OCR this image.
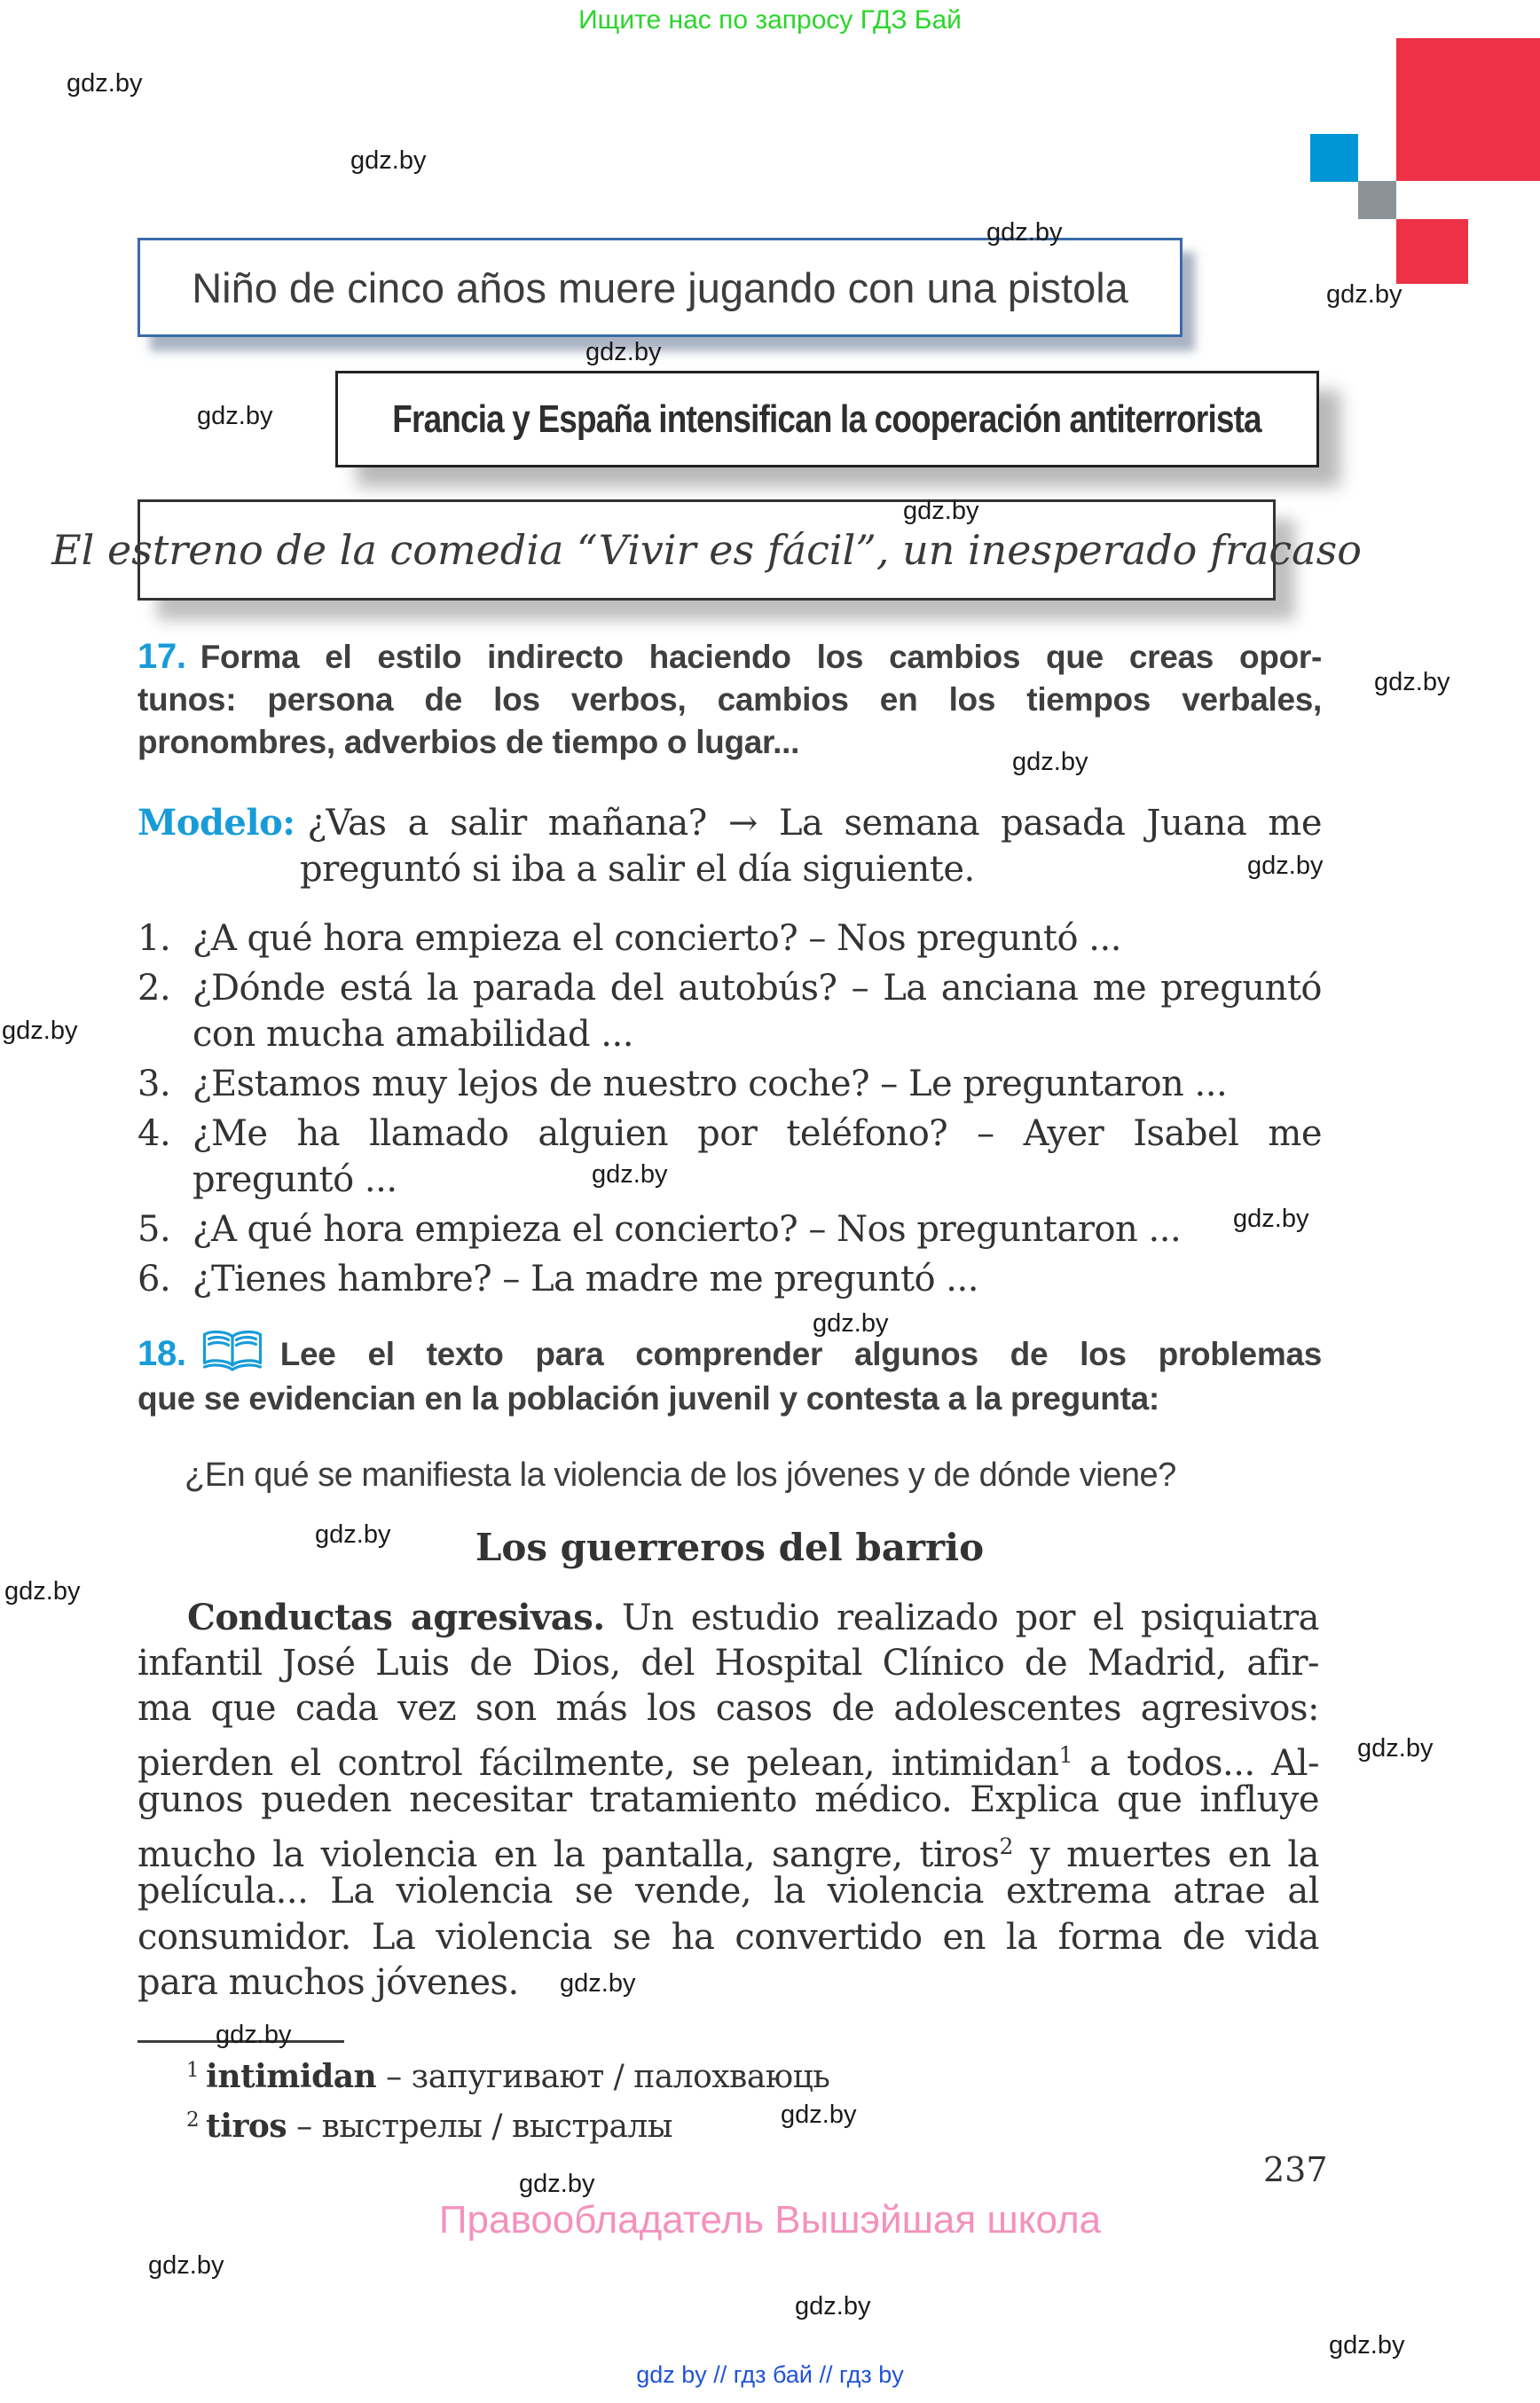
Ищите нас по запросу ГДЗ Бай
Niño de cinco años muere jugando con una pistola
Francia y España intensifican la cooperación antiterrorista
El estreno de la comedia “Vivir es fácil”, un inesperado fracaso
17. Forma el estilo indirecto haciendo los cambios que creas opor-
tunos: persona de los verbos, cambios en los tiempos verbales,
pronombres, adverbios de tiempo o lugar...
Modelo: ¿Vas a salir mañana? → La semana pasada Juana me
preguntó si iba a salir el día siguiente.
1. ¿A qué hora empieza el concierto? – Nos preguntó ...
2. ¿Dónde está la parada del autobús? – La anciana me preguntó
con mucha amabilidad ...
3. ¿Estamos muy lejos de nuestro coche? – Le preguntaron ...
4. ¿Me ha llamado alguien por teléfono? – Ayer Isabel me
preguntó ...
5. ¿A qué hora empieza el concierto? – Nos preguntaron ...
6. ¿Tienes hambre? – La madre me preguntó ...
18.	Lee el texto para comprender algunos de los problemas
que se evidencian en la población juvenil y contesta a la pregunta:
¿En qué se manifiesta la violencia de los jóvenes y de dónde viene?
Los guerreros del barrio
Conductas agresivas. Un estudio realizado por el psiquiatra
infantil José Luis de Dios, del Hospital Clínico de Madrid, afir-
ma que cada vez son más los casos de adolescentes agresivos:
pierden el control fácilmente, se pelean, intimidan$^1$ a todos... Al-
gunos pueden necesitar tratamiento médico. Explica que influye
mucho la violencia en la pantalla, sangre, tiros$^2$ y muertes en la
película... La violencia se vende, la violencia extrema atrae al
consumidor. La violencia se ha convertido en la forma de vida
para muchos jóvenes.
$^1$ intimidan – запугивают / палохваюць
$^2$ tiros – выстрелы / выстралы
237
Правообладатель Вышэйшая школа
gdz by // гдз бай // гдз by
gdz.by
gdz.by
gdz.by
gdz.by
gdz.by
gdz.by
gdz.by
gdz.by
gdz.by
gdz.by
gdz.by
gdz.by
gdz.by
gdz.by
gdz.by
gdz.by
gdz.by
gdz.by
gdz.by
gdz.by
gdz.by
gdz.by
gdz.by
gdz.by
